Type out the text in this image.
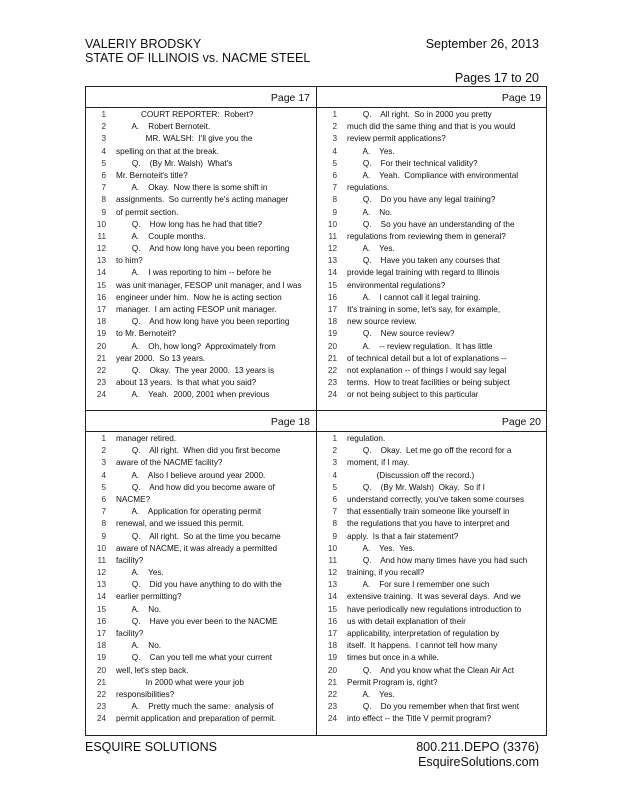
VALERIY BRODSKY
STATE OF ILLINOIS vs. NACME STEEL
September 26, 2013
Pages 17 to 20
Page 17
1 COURT REPORTER:  Robert?
2 A.    Robert Bernoteit.
3 MR. WALSH:  I'll give you the
4 spelling on that at the break.
5 Q.    (By Mr. Walsh)  What's
6 Mr. Bernoteit's title?
7 A.    Okay.  Now there is some shift in
8 assignments.  So currently he's acting manager
9 of permit section.
10 Q.    How long has he had that title?
11 A.    Couple months.
12 Q.    And how long have you been reporting
13 to him?
14 A.    I was reporting to him -- before he
15 was unit manager, FESOP unit manager, and I was
16 engineer under him.  Now he is acting section
17 manager.  I am acting FESOP unit manager.
18 Q.    And how long have you been reporting
19 to Mr. Bernoteit?
20 A.    Oh, how long?  Approximately from
21 year 2000.  So 13 years.
22 Q.    Okay.  The year 2000.  13 years is
23 about 13 years.  Is that what you said?
24 A.    Yeah.  2000, 2001 when previous
Page 19
1 Q.    All right.  So in 2000 you pretty
2 much did the same thing and that is you would
3 review permit applications?
4 A.    Yes.
5 Q.    For their technical validity?
6 A.    Yeah.  Compliance with environmental
7 regulations.
8 Q.    Do you have any legal training?
9 A.    No.
10 Q.    So you have an understanding of the
11 regulations from reviewing them in general?
12 A.    Yes.
13 Q.    Have you taken any courses that
14 provide legal training with regard to Illinois
15 environmental regulations?
16 A.    I cannot call it legal training.
17 It's training in some, let's say, for example,
18 new source review.
19 Q.    New source review?
20 A.    -- review regulation.  It has little
21 of technical detail but a lot of explanations --
22 not explanation -- of things I would say legal
23 terms.  How to treat facilities or being subject
24 or not being subject to this particular
Page 18
1 manager retired.
2 Q.    All right.  When did you first become
3 aware of the NACME facility?
4 A.    Also I believe around year 2000.
5 Q.    And how did you become aware of
6 NACME?
7 A.    Application for operating permit
8 renewal, and we issued this permit.
9 Q.    All right.  So at the time you became
10 aware of NACME, it was already a permitted
11 facility?
12 A.    Yes.
13 Q.    Did you have anything to do with the
14 earlier permitting?
15 A.    No.
16 Q.    Have you ever been to the NACME
17 facility?
18 A.    No.
19 Q.    Can you tell me what your current
20 well, let's step back.
21 In 2000 what were your job
22 responsibilities?
23 A.    Pretty much the same:  analysis of
24 permit application and preparation of permit.
Page 20
1 regulation.
2 Q.    Okay.  Let me go off the record for a
3 moment, if I may.
4 (Discussion off the record.)
5 Q.    (By Mr. Walsh)  Okay.  So if I
6 understand correctly, you've taken some courses
7 that essentially train someone like yourself in
8 the regulations that you have to interpret and
9 apply.  Is that a fair statement?
10 A.    Yes.  Yes.
11 Q.    And how many times have you had such
12 training, if you recall?
13 A.    For sure I remember one such
14 extensive training.  It was several days.  And we
15 have periodically new regulations introduction to
16 us with detail explanation of their
17 applicability, interpretation of regulation by
18 itself.  It happens.  I cannot tell how many
19 times but once in a while.
20 Q.    And you know what the Clean Air Act
21 Permit Program is, right?
22 A.    Yes.
23 Q.    Do you remember when that first went
24 into effect -- the Title V permit program?
ESQUIRE SOLUTIONS	800.211.DEPO (3376)
EsquireSolutions.com
